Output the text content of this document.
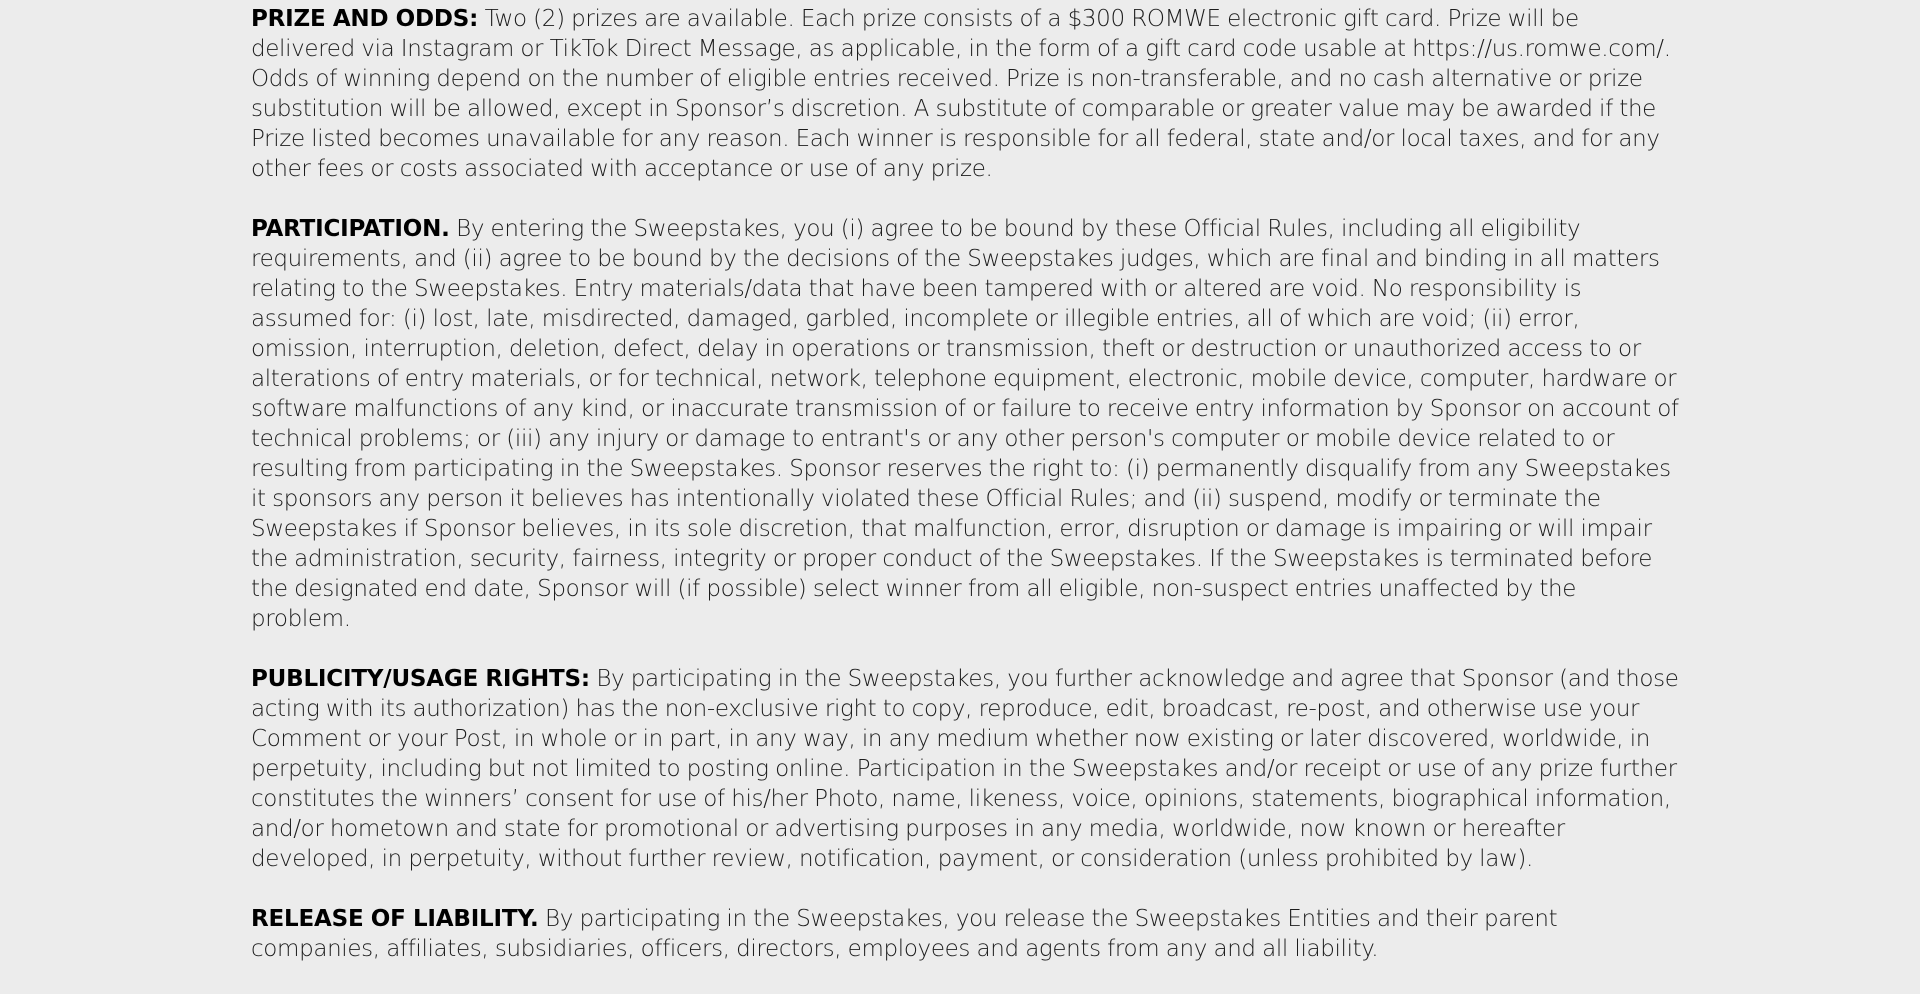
PRIZE AND ODDS: Two (2) prizes are available. Each prize consists of a $300 ROMWE electronic gift card. Prize will be delivered via Instagram or TikTok Direct Message, as applicable, in the form of a gift card code usable at https://us.romwe.com/. Odds of winning depend on the number of eligible entries received. Prize is non-transferable, and no cash alternative or prize substitution will be allowed, except in Sponsor’s discretion. A substitute of comparable or greater value may be awarded if the Prize listed becomes unavailable for any reason. Each winner is responsible for all federal, state and/or local taxes, and for any other fees or costs associated with acceptance or use of any prize.

PARTICIPATION. By entering the Sweepstakes, you (i) agree to be bound by these Official Rules, including all eligibility requirements, and (ii) agree to be bound by the decisions of the Sweepstakes judges, which are final and binding in all matters relating to the Sweepstakes. Entry materials/data that have been tampered with or altered are void. No responsibility is assumed for: (i) lost, late, misdirected, damaged, garbled, incomplete or illegible entries, all of which are void; (ii) error, omission, interruption, deletion, defect, delay in operations or transmission, theft or destruction or unauthorized access to or alterations of entry materials, or for technical, network, telephone equipment, electronic, mobile device, computer, hardware or software malfunctions of any kind, or inaccurate transmission of or failure to receive entry information by Sponsor on account of technical problems; or (iii) any injury or damage to entrant's or any other person's computer or mobile device related to or resulting from participating in the Sweepstakes. Sponsor reserves the right to: (i) permanently disqualify from any Sweepstakes it sponsors any person it believes has intentionally violated these Official Rules; and (ii) suspend, modify or terminate the Sweepstakes if Sponsor believes, in its sole discretion, that malfunction, error, disruption or damage is impairing or will impair the administration, security, fairness, integrity or proper conduct of the Sweepstakes. If the Sweepstakes is terminated before the designated end date, Sponsor will (if possible) select winner from all eligible, non-suspect entries unaffected by the problem.

PUBLICITY/USAGE RIGHTS: By participating in the Sweepstakes, you further acknowledge and agree that Sponsor (and those acting with its authorization) has the non-exclusive right to copy, reproduce, edit, broadcast, re-post, and otherwise use your Comment or your Post, in whole or in part, in any way, in any medium whether now existing or later discovered, worldwide, in perpetuity, including but not limited to posting online. Participation in the Sweepstakes and/or receipt or use of any prize further constitutes the winners’ consent for use of his/her Photo, name, likeness, voice, opinions, statements, biographical information, and/or hometown and state for promotional or advertising purposes in any media, worldwide, now known or hereafter developed, in perpetuity, without further review, notification, payment, or consideration (unless prohibited by law).

RELEASE OF LIABILITY. By participating in the Sweepstakes, you release the Sweepstakes Entities and their parent companies, affiliates, subsidiaries, officers, directors, employees and agents from any and all liability.
